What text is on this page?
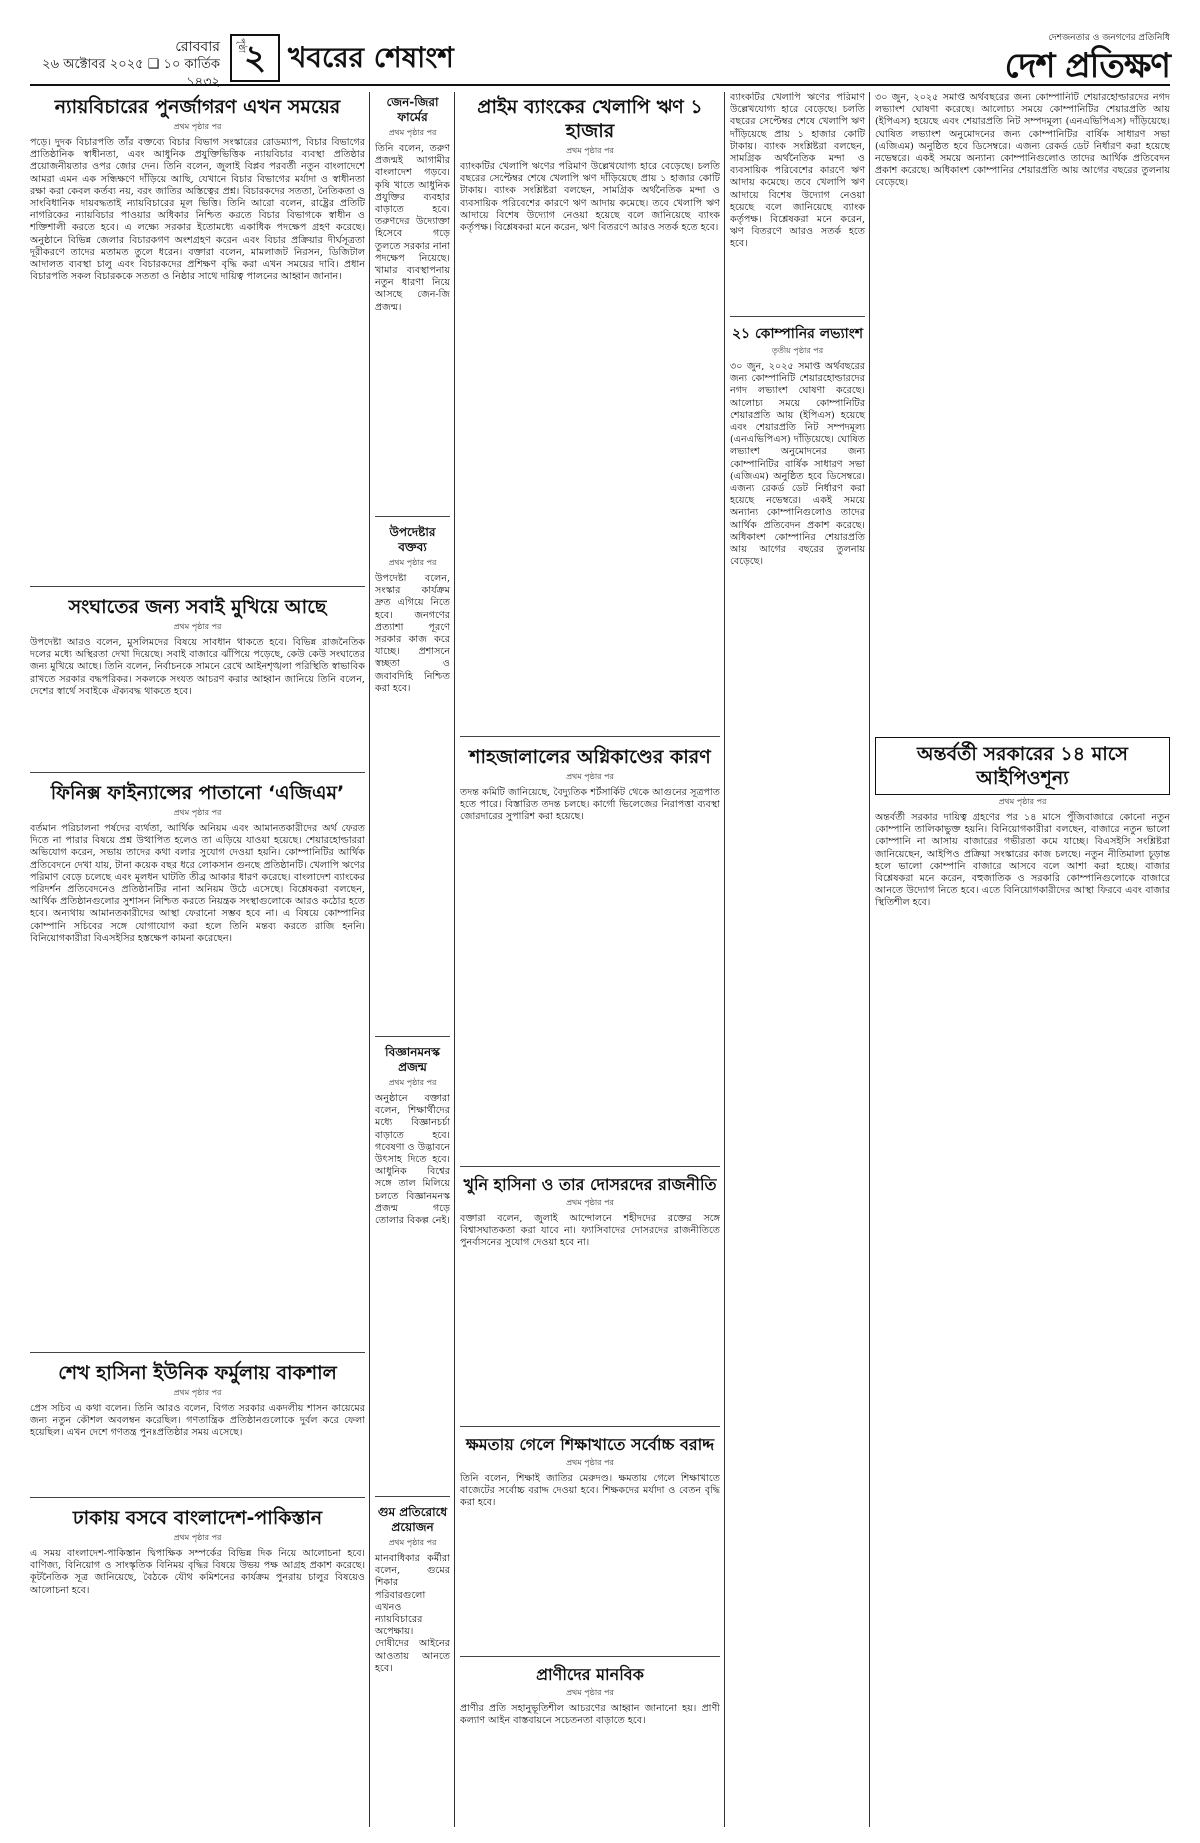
রোববার
২৬ অক্টোবর ২০২৫ ❑ ১০ কার্তিক ১৪৩২
পৃষ্ঠা
২ খবরের শেষাংশ
দেশজনতার ও জনগণের প্রতিনিধি
দেশ প্রতিক্ষণ
ন্যায়বিচারের পুনর্জাগরণ এখন সময়ের
প্রথম পৃষ্ঠার পর

পড়ে। দুদক বিচারপতি তাঁর বক্তব্যে বিচার বিভাগ সংস্কারের রোডম্যাপ, বিচার বিভাগের প্রাতিষ্ঠানিক স্বাধীনতা, এবং আধুনিক প্রযুক্তিভিত্তিক ন্যায়বিচার ব্যবস্থা প্রতিষ্ঠার প্রয়োজনীয়তার ওপর জোর দেন। তিনি বলেন, জুলাই বিপ্লব পরবর্তী নতুন বাংলাদেশে আমরা এমন এক সন্ধিক্ষণে দাঁড়িয়ে আছি, যেখানে বিচার বিভাগের মর্যাদা ও স্বাধীনতা রক্ষা করা কেবল কর্তব্য নয়, বরং জাতির অস্তিত্বের প্রশ্ন। বিচারকদের সততা, নৈতিকতা ও সাংবিধানিক দায়বদ্ধতাই ন্যায়বিচারের মূল ভিত্তি। তিনি আরো বলেন, রাষ্ট্রের প্রতিটি নাগরিকের ন্যায়বিচার পাওয়ার অধিকার নিশ্চিত করতে বিচার বিভাগকে স্বাধীন ও শক্তিশালী করতে হবে। এ লক্ষ্যে সরকার ইতোমধ্যে একাধিক পদক্ষেপ গ্রহণ করেছে। অনুষ্ঠানে বিভিন্ন জেলার বিচারকগণ অংশগ্রহণ করেন এবং বিচার প্রক্রিয়ার দীর্ঘসূত্রতা দূরীকরণে তাদের মতামত তুলে ধরেন। বক্তারা বলেন, মামলাজট নিরসন, ডিজিটাল আদালত ব্যবস্থা চালু এবং বিচারকদের প্রশিক্ষণ বৃদ্ধি করা এখন সময়ের দাবি। প্রধান বিচারপতি সকল বিচারককে সততা ও নিষ্ঠার সাথে দায়িত্ব পালনের আহ্বান জানান।

সংঘাতের জন্য সবাই মুখিয়ে আছে
প্রথম পৃষ্ঠার পর

উপদেষ্টা আরও বলেন, মুসলিমদের বিষয়ে সাবধান থাকতে হবে। বিভিন্ন রাজনৈতিক দলের মধ্যে অস্থিরতা দেখা দিয়েছে। সবাই বাজারে ঝাঁপিয়ে পড়েছে, কেউ কেউ সংঘাতের জন্য মুখিয়ে আছে। তিনি বলেন, নির্বাচনকে সামনে রেখে আইনশৃঙ্খলা পরিস্থিতি স্বাভাবিক রাখতে সরকার বদ্ধপরিকর। সকলকে সংযত আচরণ করার আহ্বান জানিয়ে তিনি বলেন, দেশের স্বার্থে সবাইকে ঐক্যবদ্ধ থাকতে হবে।

ফিনিক্স ফাইন্যান্সের পাতানো ‘এজিএম’
প্রথম পৃষ্ঠার পর

বর্তমান পরিচালনা পর্ষদের ব্যর্থতা, আর্থিক অনিয়ম এবং আমানতকারীদের অর্থ ফেরত দিতে না পারার বিষয়ে প্রশ্ন উত্থাপিত হলেও তা এড়িয়ে যাওয়া হয়েছে। শেয়ারহোল্ডাররা অভিযোগ করেন, সভায় তাদের কথা বলার সুযোগ দেওয়া হয়নি। কোম্পানিটির আর্থিক প্রতিবেদনে দেখা যায়, টানা কয়েক বছর ধরে লোকসান গুনছে প্রতিষ্ঠানটি। খেলাপি ঋণের পরিমাণ বেড়ে চলেছে এবং মূলধন ঘাটতি তীব্র আকার ধারণ করেছে। বাংলাদেশ ব্যাংকের পরিদর্শন প্রতিবেদনেও প্রতিষ্ঠানটির নানা অনিয়ম উঠে এসেছে। বিশ্লেষকরা বলছেন, আর্থিক প্রতিষ্ঠানগুলোর সুশাসন নিশ্চিত করতে নিয়ন্ত্রক সংস্থাগুলোকে আরও কঠোর হতে হবে। অন্যথায় আমানতকারীদের আস্থা ফেরানো সম্ভব হবে না। এ বিষয়ে কোম্পানির কোম্পানি সচিবের সঙ্গে যোগাযোগ করা হলে তিনি মন্তব্য করতে রাজি হননি। বিনিয়োগকারীরা বিএসইসির হস্তক্ষেপ কামনা করেছেন।

শেখ হাসিনা ইউনিক ফর্মুলায় বাকশাল
প্রথম পৃষ্ঠার পর

প্রেস সচিব এ কথা বলেন। তিনি আরও বলেন, বিগত সরকার একদলীয় শাসন কায়েমের জন্য নতুন কৌশল অবলম্বন করেছিল। গণতান্ত্রিক প্রতিষ্ঠানগুলোকে দুর্বল করে ফেলা হয়েছিল। এখন দেশে গণতন্ত্র পুনঃপ্রতিষ্ঠার সময় এসেছে।

ঢাকায় বসবে বাংলাদেশ-পাকিস্তান
প্রথম পৃষ্ঠার পর

এ সময় বাংলাদেশ-পাকিস্তান দ্বিপাক্ষিক সম্পর্কের বিভিন্ন দিক নিয়ে আলোচনা হবে। বাণিজ্য, বিনিয়োগ ও সাংস্কৃতিক বিনিময় বৃদ্ধির বিষয়ে উভয় পক্ষ আগ্রহ প্রকাশ করেছে। কূটনৈতিক সূত্র জানিয়েছে, বৈঠকে যৌথ কমিশনের কার্যক্রম পুনরায় চালুর বিষয়েও আলোচনা হবে।

জেন-জিরা ফার্মের
প্রথম পৃষ্ঠার পর

তিনি বলেন, তরুণ প্রজন্মই আগামীর বাংলাদেশ গড়বে। কৃষি খাতে আধুনিক প্রযুক্তির ব্যবহার বাড়াতে হবে। তরুণদের উদ্যোক্তা হিসেবে গড়ে তুলতে সরকার নানা পদক্ষেপ নিয়েছে। খামার ব্যবস্থাপনায় নতুন ধারণা নিয়ে আসছে জেন-জি প্রজন্ম।

উপদেষ্টার বক্তব্য
প্রথম পৃষ্ঠার পর

উপদেষ্টা বলেন, সংস্কার কার্যক্রম দ্রুত এগিয়ে নিতে হবে। জনগণের প্রত্যাশা পূরণে সরকার কাজ করে যাচ্ছে। প্রশাসনে স্বচ্ছতা ও জবাবদিহি নিশ্চিত করা হবে।

বিজ্ঞানমনস্ক প্রজন্ম
প্রথম পৃষ্ঠার পর

অনুষ্ঠানে বক্তারা বলেন, শিক্ষার্থীদের মধ্যে বিজ্ঞানচর্চা বাড়াতে হবে। গবেষণা ও উদ্ভাবনে উৎসাহ দিতে হবে। আধুনিক বিশ্বের সঙ্গে তাল মিলিয়ে চলতে বিজ্ঞানমনস্ক প্রজন্ম গড়ে তোলার বিকল্প নেই।

গুম প্রতিরোধে প্রয়োজন
প্রথম পৃষ্ঠার পর

মানবাধিকার কর্মীরা বলেন, গুমের শিকার পরিবারগুলো এখনও ন্যায়বিচারের অপেক্ষায়। দোষীদের আইনের আওতায় আনতে হবে।

প্রাইম ব্যাংকের খেলাপি ঋণ ১ হাজার
প্রথম পৃষ্ঠার পর

ব্যাংকটির খেলাপি ঋণের পরিমাণ উল্লেখযোগ্য হারে বেড়েছে। চলতি বছরের সেপ্টেম্বর শেষে খেলাপি ঋণ দাঁড়িয়েছে প্রায় ১ হাজার কোটি টাকায়। ব্যাংক সংশ্লিষ্টরা বলছেন, সামগ্রিক অর্থনৈতিক মন্দা ও ব্যবসায়িক পরিবেশের কারণে ঋণ আদায় কমেছে। তবে খেলাপি ঋণ আদায়ে বিশেষ উদ্যোগ নেওয়া হয়েছে বলে জানিয়েছে ব্যাংক কর্তৃপক্ষ। বিশ্লেষকরা মনে করেন, ঋণ বিতরণে আরও সতর্ক হতে হবে।

শাহজালালের অগ্নিকাণ্ডের কারণ
প্রথম পৃষ্ঠার পর

তদন্ত কমিটি জানিয়েছে, বৈদ্যুতিক শর্টসার্কিট থেকে আগুনের সূত্রপাত হতে পারে। বিস্তারিত তদন্ত চলছে। কার্গো ভিলেজের নিরাপত্তা ব্যবস্থা জোরদারের সুপারিশ করা হয়েছে।

খুনি হাসিনা ও তার দোসরদের রাজনীতি
প্রথম পৃষ্ঠার পর

বক্তারা বলেন, জুলাই আন্দোলনে শহীদদের রক্তের সঙ্গে বিশ্বাসঘাতকতা করা যাবে না। ফ্যাসিবাদের দোসরদের রাজনীতিতে পুনর্বাসনের সুযোগ দেওয়া হবে না।

ক্ষমতায় গেলে শিক্ষাখাতে সর্বোচ্চ বরাদ্দ
প্রথম পৃষ্ঠার পর

তিনি বলেন, শিক্ষাই জাতির মেরুদণ্ড। ক্ষমতায় গেলে শিক্ষাখাতে বাজেটের সর্বোচ্চ বরাদ্দ দেওয়া হবে। শিক্ষকদের মর্যাদা ও বেতন বৃদ্ধি করা হবে।

প্রাণীদের মানবিক
প্রথম পৃষ্ঠার পর

প্রাণীর প্রতি সহানুভূতিশীল আচরণের আহ্বান জানানো হয়। প্রাণী কল্যাণ আইন বাস্তবায়নে সচেতনতা বাড়াতে হবে।

ব্যাংকটির খেলাপি ঋণের পরিমাণ উল্লেখযোগ্য হারে বেড়েছে। চলতি বছরের সেপ্টেম্বর শেষে খেলাপি ঋণ দাঁড়িয়েছে প্রায় ১ হাজার কোটি টাকায়। ব্যাংক সংশ্লিষ্টরা বলছেন, সামগ্রিক অর্থনৈতিক মন্দা ও ব্যবসায়িক পরিবেশের কারণে ঋণ আদায় কমেছে। তবে খেলাপি ঋণ আদায়ে বিশেষ উদ্যোগ নেওয়া হয়েছে বলে জানিয়েছে ব্যাংক কর্তৃপক্ষ। বিশ্লেষকরা মনে করেন, ঋণ বিতরণে আরও সতর্ক হতে হবে।

২১ কোম্পানির লভ্যাংশ
তৃতীয় পৃষ্ঠার পর

৩০ জুন, ২০২৫ সমাপ্ত অর্থবছরের জন্য কোম্পানিটি শেয়ারহোল্ডারদের নগদ লভ্যাংশ ঘোষণা করেছে। আলোচ্য সময়ে কোম্পানিটির শেয়ারপ্রতি আয় (ইপিএস) হয়েছে এবং শেয়ারপ্রতি নিট সম্পদমূল্য (এনএভিপিএস) দাঁড়িয়েছে। ঘোষিত লভ্যাংশ অনুমোদনের জন্য কোম্পানিটির বার্ষিক সাধারণ সভা (এজিএম) অনুষ্ঠিত হবে ডিসেম্বরে। এজন্য রেকর্ড ডেট নির্ধারণ করা হয়েছে নভেম্বরে। একই সময়ে অন্যান্য কোম্পানিগুলোও তাদের আর্থিক প্রতিবেদন প্রকাশ করেছে। অধিকাংশ কোম্পানির শেয়ারপ্রতি আয় আগের বছরের তুলনায় বেড়েছে।

৩০ জুন, ২০২৫ সমাপ্ত অর্থবছরের জন্য কোম্পানিটি শেয়ারহোল্ডারদের নগদ লভ্যাংশ ঘোষণা করেছে। আলোচ্য সময়ে কোম্পানিটির শেয়ারপ্রতি আয় (ইপিএস) হয়েছে এবং শেয়ারপ্রতি নিট সম্পদমূল্য (এনএভিপিএস) দাঁড়িয়েছে। ঘোষিত লভ্যাংশ অনুমোদনের জন্য কোম্পানিটির বার্ষিক সাধারণ সভা (এজিএম) অনুষ্ঠিত হবে ডিসেম্বরে। এজন্য রেকর্ড ডেট নির্ধারণ করা হয়েছে নভেম্বরে। একই সময়ে অন্যান্য কোম্পানিগুলোও তাদের আর্থিক প্রতিবেদন প্রকাশ করেছে। অধিকাংশ কোম্পানির শেয়ারপ্রতি আয় আগের বছরের তুলনায় বেড়েছে।

অন্তর্বর্তী সরকারের ১৪ মাসে আইপিওশূন্য
প্রথম পৃষ্ঠার পর

অন্তর্বর্তী সরকার দায়িত্ব গ্রহণের পর ১৪ মাসে পুঁজিবাজারে কোনো নতুন কোম্পানি তালিকাভুক্ত হয়নি। বিনিয়োগকারীরা বলছেন, বাজারে নতুন ভালো কোম্পানি না আসায় বাজারের গভীরতা কমে যাচ্ছে। বিএসইসি সংশ্লিষ্টরা জানিয়েছেন, আইপিও প্রক্রিয়া সংস্কারের কাজ চলছে। নতুন নীতিমালা চূড়ান্ত হলে ভালো কোম্পানি বাজারে আসবে বলে আশা করা হচ্ছে। বাজার বিশ্লেষকরা মনে করেন, বহুজাতিক ও সরকারি কোম্পানিগুলোকে বাজারে আনতে উদ্যোগ নিতে হবে। এতে বিনিয়োগকারীদের আস্থা ফিরবে এবং বাজার স্থিতিশীল হবে।
